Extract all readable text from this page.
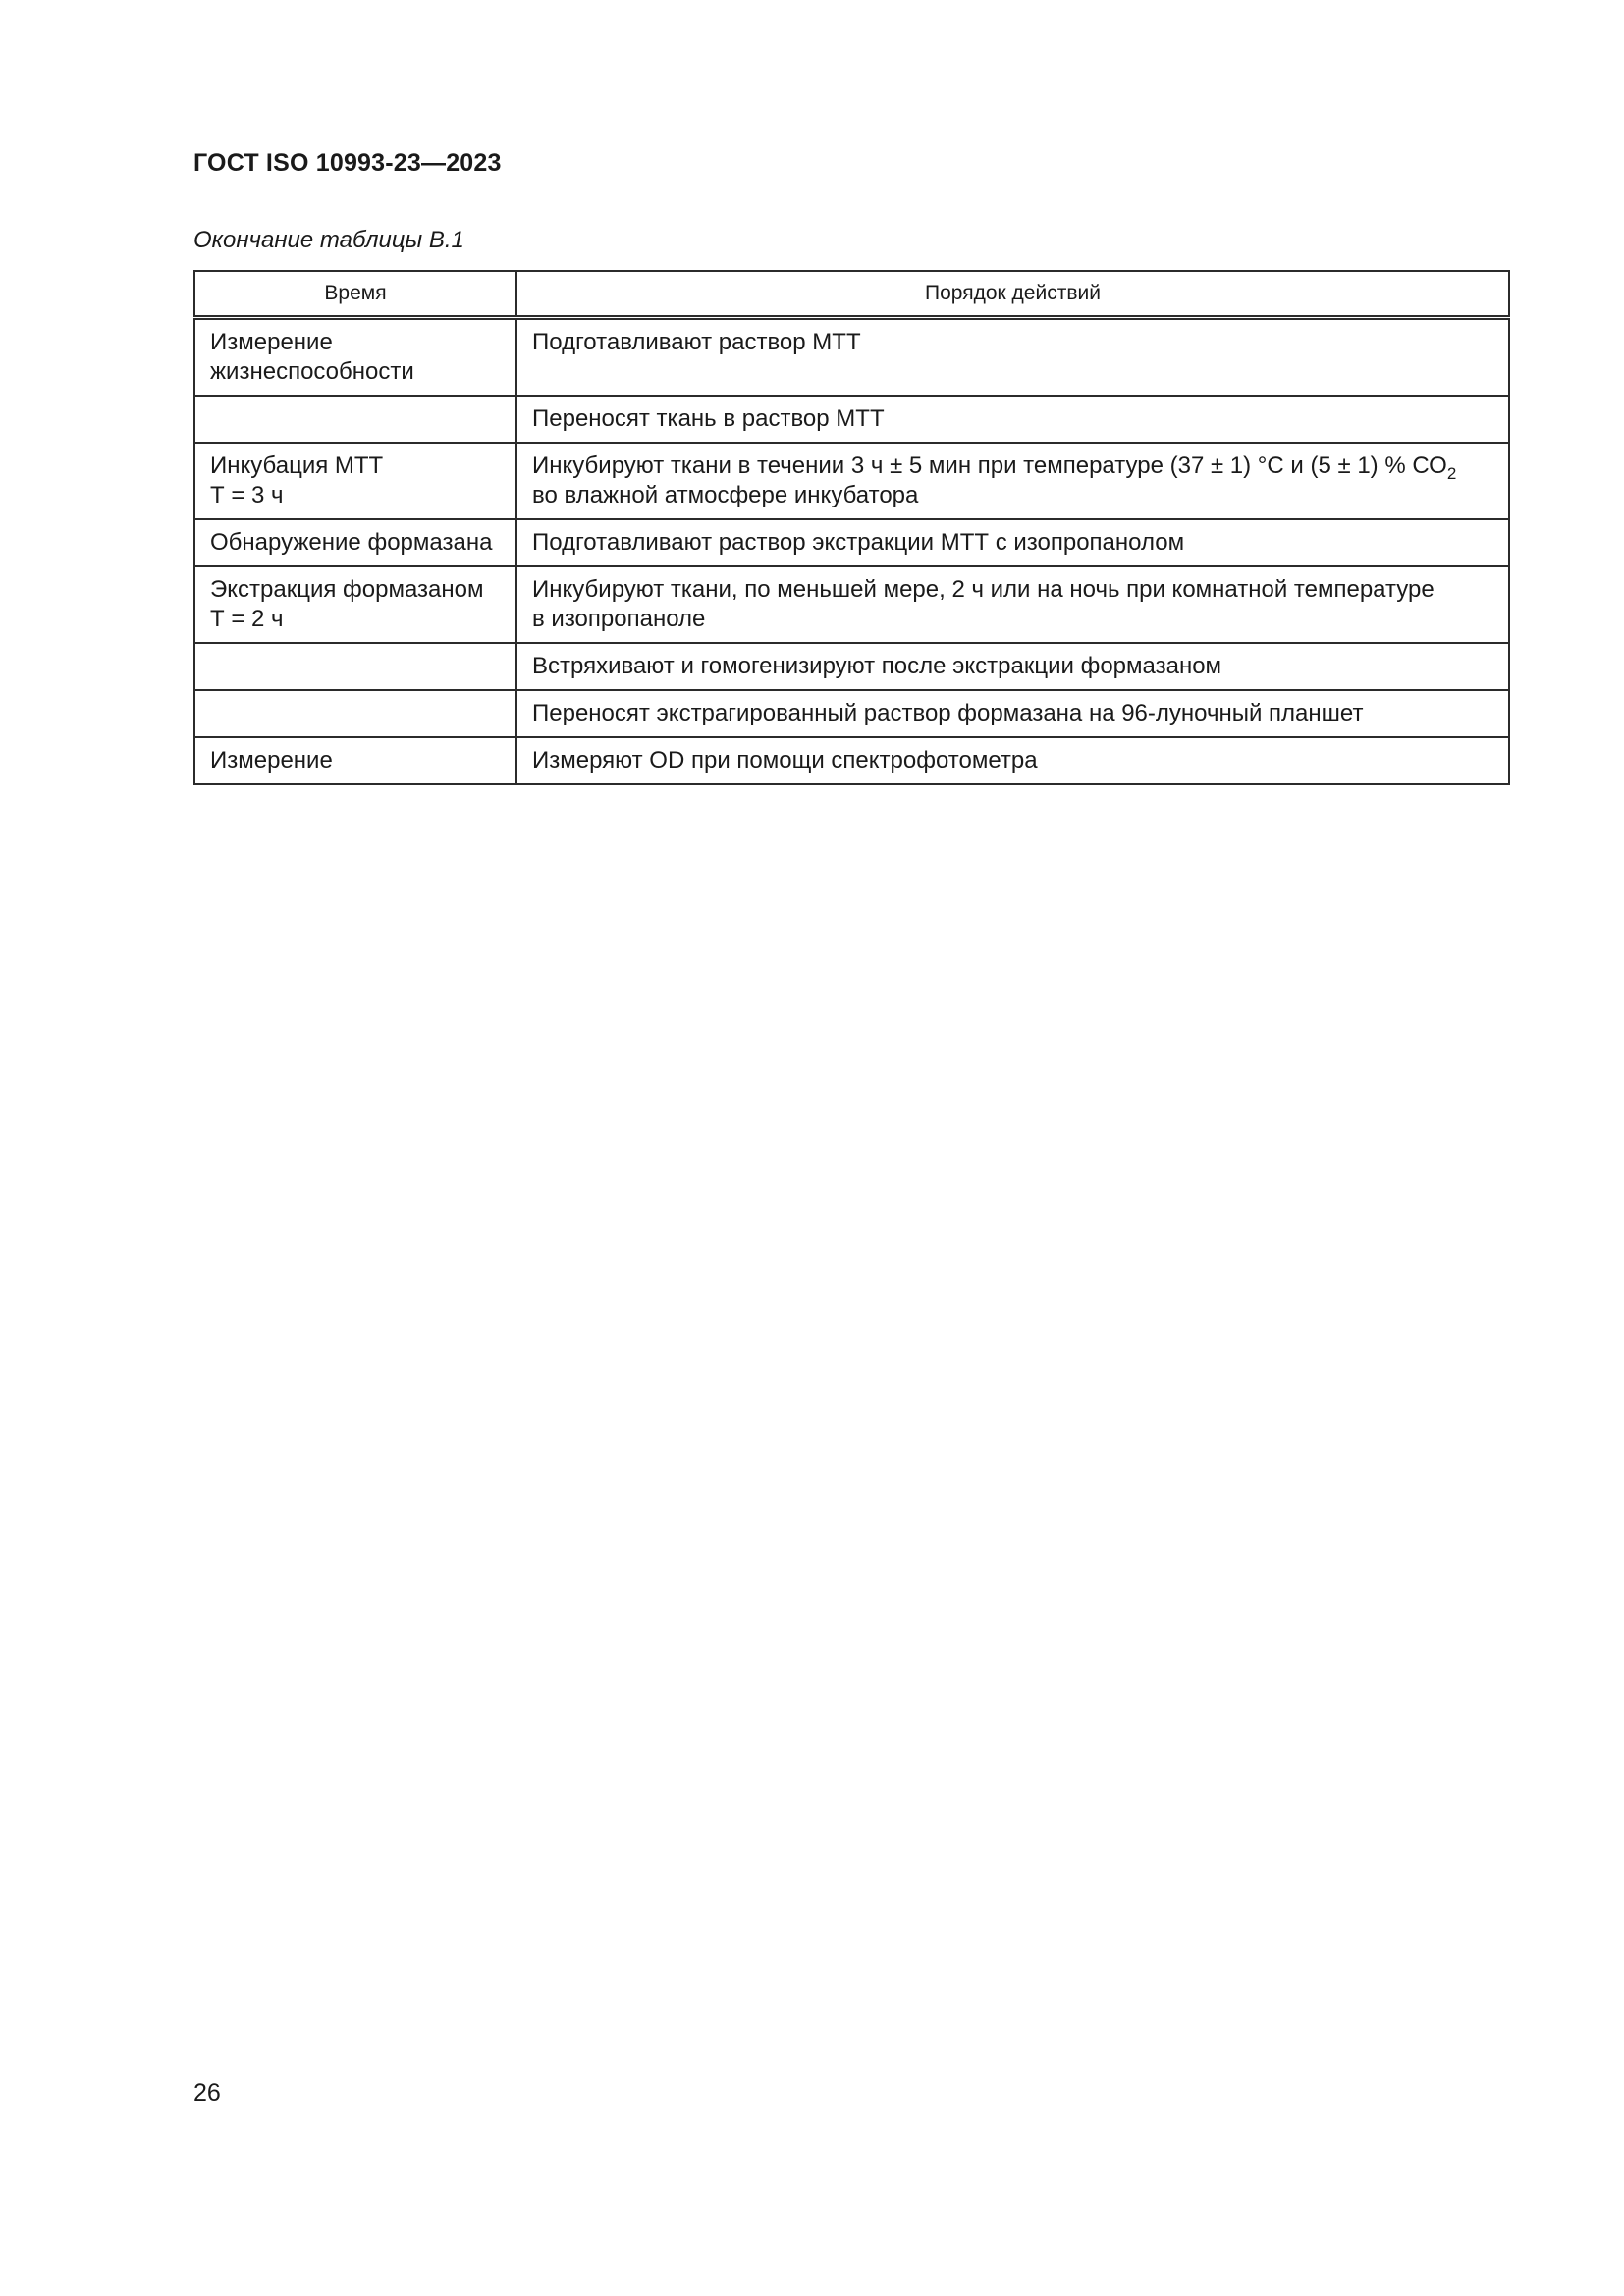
ГОСТ ISO 10993-23—2023
Окончание таблицы В.1
Время	Порядок действий

Измерение
жизнеспособности	Подготавливают раствор МТТ

	Переносят ткань в раствор МТТ

Инкубация МТТ
Т = 3 ч	Инкубируют ткани в течении 3 ч ± 5 мин при температуре (37 ± 1) °С и (5 ± 1) % $СО_2$
во влажной атмосфере инкубатора

Обнаружение формазана	Подготавливают раствор экстракции МТТ с изопропанолом

Экстракция формазаном
Т = 2 ч	Инкубируют ткани, по меньшей мере, 2 ч или на ночь при комнатной температуре
в изопропаноле

	Встряхивают и гомогенизируют после экстракции формазаном

	Переносят экстрагированный раствор формазана на 96-луночный планшет

Измерение	Измеряют OD при помощи спектрофотометра
26
